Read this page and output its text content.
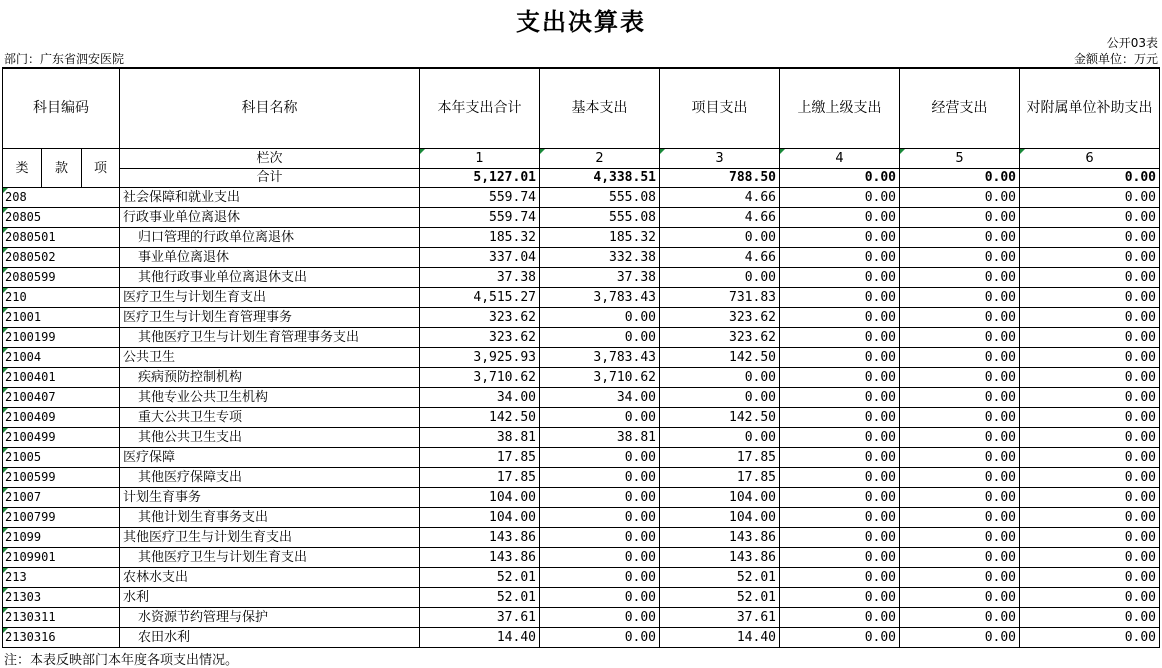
支出决算表
公开03表
部门：广东省泗安医院	金额单位：万元
科目编码			科目名称	本年支出合计	基本支出	项目支出	上缴上级支出	经营支出	对附属单位补助支出
类	款	项	栏次	1	2	3	4	5	6
			合计	5,127.01	4,338.51	788.50	0.00	0.00	0.00
208			社会保障和就业支出	559.74	555.08	4.66	0.00	0.00	0.00
20805			行政事业单位离退休	559.74	555.08	4.66	0.00	0.00	0.00
2080501			归口管理的行政单位离退休	185.32	185.32	0.00	0.00	0.00	0.00
2080502			事业单位离退休	337.04	332.38	4.66	0.00	0.00	0.00
2080599			其他行政事业单位离退休支出	37.38	37.38	0.00	0.00	0.00	0.00
210			医疗卫生与计划生育支出	4,515.27	3,783.43	731.83	0.00	0.00	0.00
21001			医疗卫生与计划生育管理事务	323.62	0.00	323.62	0.00	0.00	0.00
2100199			其他医疗卫生与计划生育管理事务支出	323.62	0.00	323.62	0.00	0.00	0.00
21004			公共卫生	3,925.93	3,783.43	142.50	0.00	0.00	0.00
2100401			疾病预防控制机构	3,710.62	3,710.62	0.00	0.00	0.00	0.00
2100407			其他专业公共卫生机构	34.00	34.00	0.00	0.00	0.00	0.00
2100409			重大公共卫生专项	142.50	0.00	142.50	0.00	0.00	0.00
2100499			其他公共卫生支出	38.81	38.81	0.00	0.00	0.00	0.00
21005			医疗保障	17.85	0.00	17.85	0.00	0.00	0.00
2100599			其他医疗保障支出	17.85	0.00	17.85	0.00	0.00	0.00
21007			计划生育事务	104.00	0.00	104.00	0.00	0.00	0.00
2100799			其他计划生育事务支出	104.00	0.00	104.00	0.00	0.00	0.00
21099			其他医疗卫生与计划生育支出	143.86	0.00	143.86	0.00	0.00	0.00
2109901			其他医疗卫生与计划生育支出	143.86	0.00	143.86	0.00	0.00	0.00
213			农林水支出	52.01	0.00	52.01	0.00	0.00	0.00
21303			水利	52.01	0.00	52.01	0.00	0.00	0.00
2130311			水资源节约管理与保护	37.61	0.00	37.61	0.00	0.00	0.00
2130316			农田水利	14.40	0.00	14.40	0.00	0.00	0.00
注：本表反映部门本年度各项支出情况。
